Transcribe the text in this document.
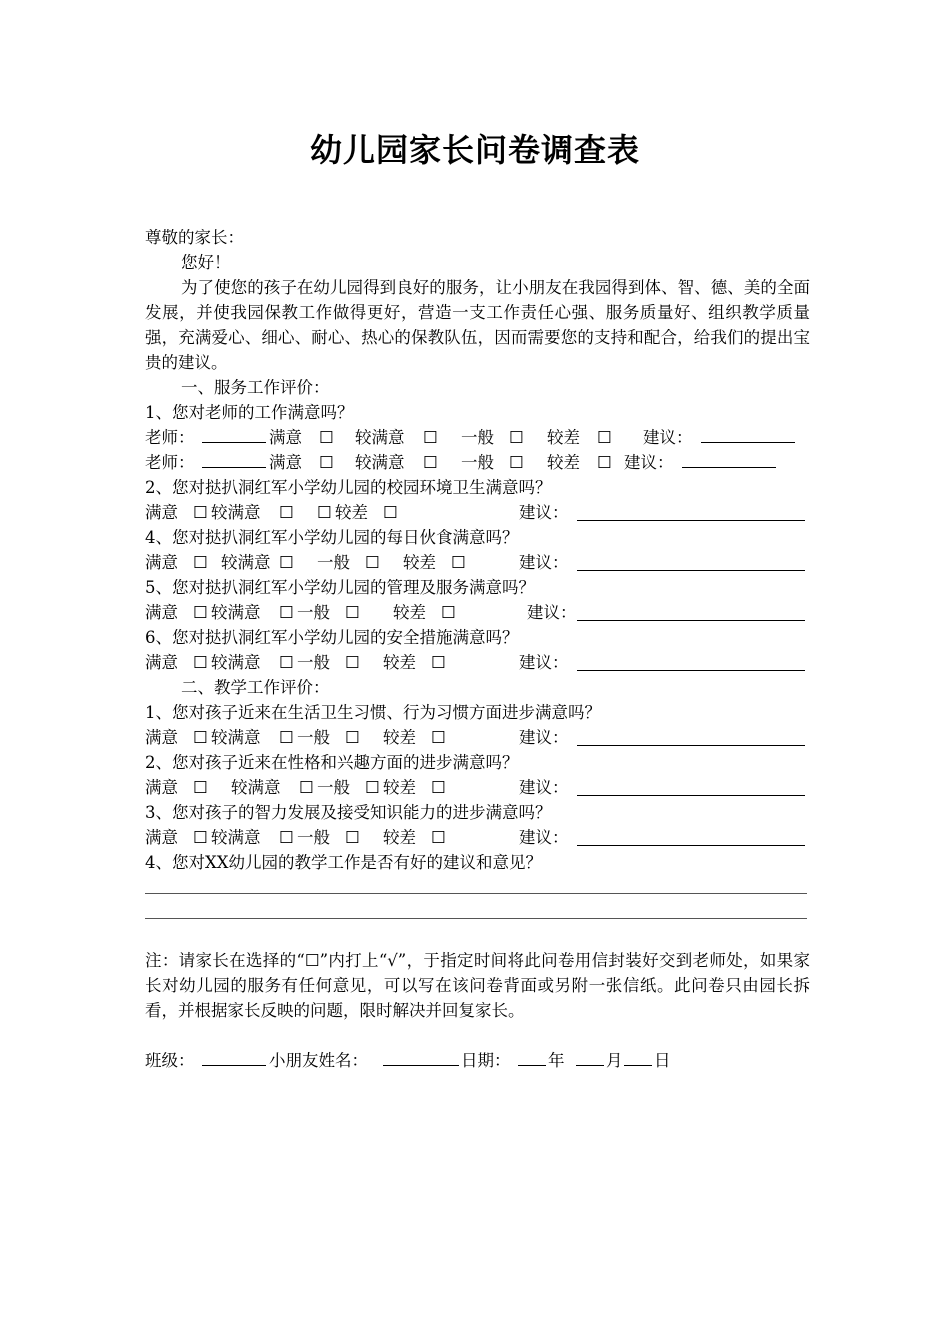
幼儿园家长问卷调查表
尊敬的家长：
您好！
为了使您的孩子在幼儿园得到良好的服务，让小朋友在我园得到体、智、德、美的全面发展，并使我园保教工作做得更好，营造一支工作责任心强、服务质量好、组织教学质量强，充满爱心、细心、耐心、热心的保教队伍，因而需要您的支持和配合，给我们的提出宝贵的建议。
一、服务工作评价：
1、您对老师的工作满意吗？
老师：	满意 ☐ 较满意 ☐ 一般 ☐ 较差 ☐ 建议：
老师：	满意 ☐ 较满意 ☐ 一般 ☐ 较差 ☐ 建议：
2、您对挞扒洞红军小学幼儿园的校园环境卫生满意吗？
满意 ☐ 较满意 ☐ ☐ 较差 ☐	建议：
4、您对挞扒洞红军小学幼儿园的每日伙食满意吗？
满意 ☐ 较满意 ☐ 一般 ☐ 较差 ☐	建议：
5、您对挞扒洞红军小学幼儿园的管理及服务满意吗？
满意 ☐ 较满意 ☐ 一般 ☐ 较差 ☐	建议：
6、您对挞扒洞红军小学幼儿园的安全措施满意吗？
满意 ☐ 较满意 ☐ 一般 ☐ 较差 ☐	建议：
二、教学工作评价：
1、您对孩子近来在生活卫生习惯、行为习惯方面进步满意吗？
满意 ☐ 较满意 ☐ 一般 ☐ 较差 ☐	建议：
2、您对孩子近来在性格和兴趣方面的进步满意吗？
满意 ☐ 较满意 ☐ 一般 ☐ 较差 ☐	建议：
3、您对孩子的智力发展及接受知识能力的进步满意吗？
满意 ☐ 较满意 ☐ 一般 ☐ 较差 ☐	建议：
4、您对XX幼儿园的教学工作是否有好的建议和意见？
注：请家长在选择的“☐”内打上“√”，于指定时间将此问卷用信封装好交到老师处，如果家长对幼儿园的服务有任何意见，可以写在该问卷背面或另附一张信纸。此问卷只由园长拆看，并根据家长反映的问题，限时解决并回复家长。
班级：	小朋友姓名：	日期： 年	月 日
